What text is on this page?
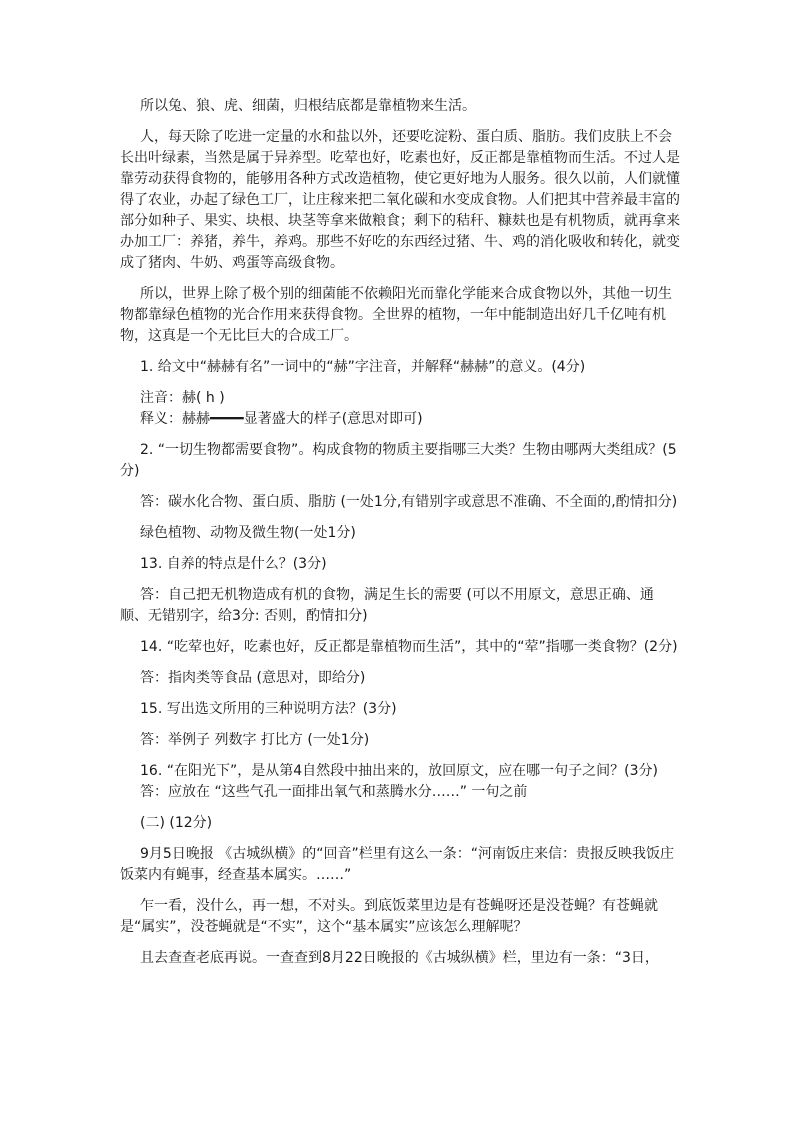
所以兔、狼、虎、细菌，归根结底都是靠植物来生活。

人，每天除了吃进一定量的水和盐以外，还要吃淀粉、蛋白质、脂肪。我们皮肤上不会长出叶绿素，当然是属于异养型。吃荤也好，吃素也好，反正都是靠植物而生活。不过人是靠劳动获得食物的，能够用各种方式改造植物，使它更好地为人服务。很久以前，人们就懂得了农业，办起了绿色工厂，让庄稼来把二氧化碳和水变成食物。人们把其中营养最丰富的部分如种子、果实、块根、块茎等拿来做粮食；剩下的秸秆、糠麸也是有机物质，就再拿来办加工厂：养猪，养牛，养鸡。那些不好吃的东西经过猪、牛、鸡的消化吸收和转化，就变成了猪肉、牛奶、鸡蛋等高级食物。

所以，世界上除了极个别的细菌能不依赖阳光而靠化学能来合成食物以外，其他一切生物都靠绿色植物的光合作用来获得食物。全世界的植物，一年中能制造出好几千亿吨有机物，这真是一个无比巨大的合成工厂。

1. 给文中“赫赫有名”一词中的“赫”字注音，并解释“赫赫”的意义。(4分)

注音：赫( h )
释义：赫赫━━━━显著盛大的样子(意思对即可)

2. “一切生物都需要食物”。构成食物的物质主要指哪三大类？生物由哪两大类组成？(5分)

答：碳水化合物、蛋白质、脂肪 (一处1分,有错别字或意思不准确、不全面的,酌情扣分)

绿色植物、动物及微生物(一处1分)

13. 自养的特点是什么？(3分)

答：自己把无机物造成有机的食物，满足生长的需要 (可以不用原文，意思正确、通顺、无错别字，给3分: 否则，酌情扣分)

14. “吃荤也好，吃素也好，反正都是靠植物而生活”，其中的“荤”指哪一类食物？(2分)

答：指肉类等食品 (意思对，即给分)

15. 写出选文所用的三种说明方法？(3分)

答：举例子 列数字 打比方 (一处1分)

16. “在阳光下”，是从第4自然段中抽出来的，放回原文，应在哪一句子之间？(3分)
答：应放在 “这些气孔一面排出氧气和蒸腾水分……” 一句之前

(二) (12分)

9月5日晚报 《古城纵横》的“回音”栏里有这么一条：“河南饭庄来信：贵报反映我饭庄饭菜内有蝇事，经查基本属实。……”

乍一看，没什么，再一想，不对头。到底饭菜里边是有苍蝇呀还是没苍蝇？有苍蝇就是“属实”，没苍蝇就是“不实”，这个“基本属实”应该怎么理解呢？

且去查查老底再说。一查查到8月22日晚报的《古城纵横》栏，里边有一条：“3日，
